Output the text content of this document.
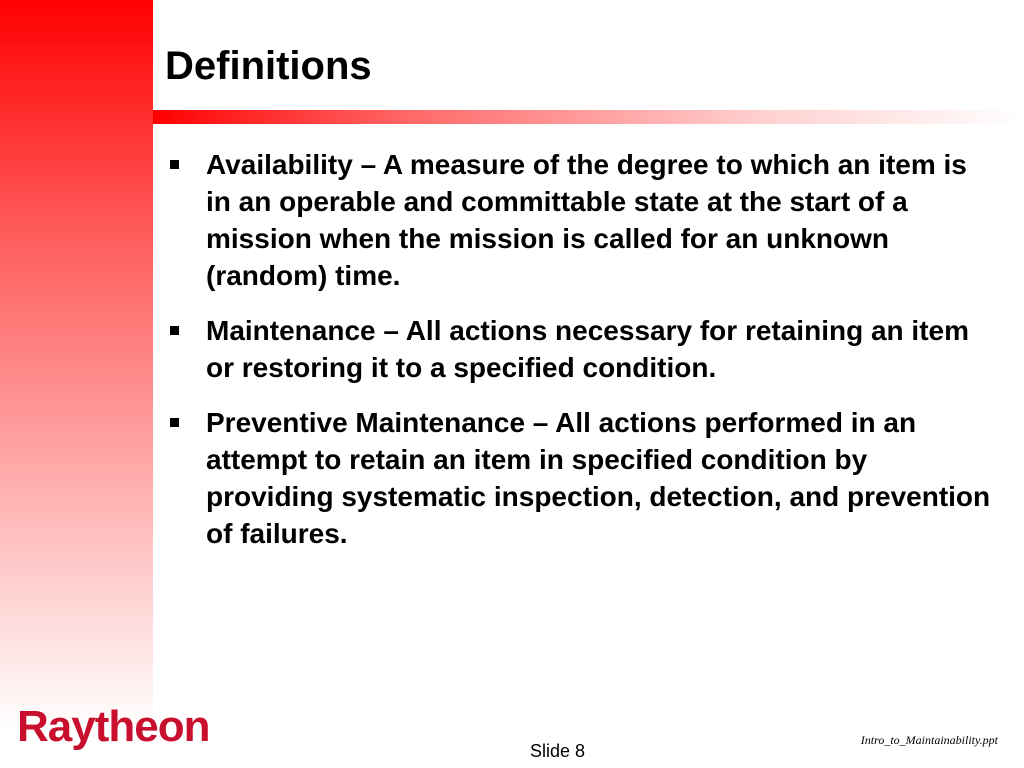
Definitions
Availability – A measure of the degree to which an item is in an operable and committable state at the start of a mission when the mission is called for an unknown (random) time.
Maintenance – All actions necessary for retaining an item or restoring it to a specified condition.
Preventive Maintenance – All actions performed in an attempt to retain an item in specified condition by providing systematic inspection, detection, and prevention of failures.
Raytheon	Slide 8
Intro_to_Maintainability.ppt
